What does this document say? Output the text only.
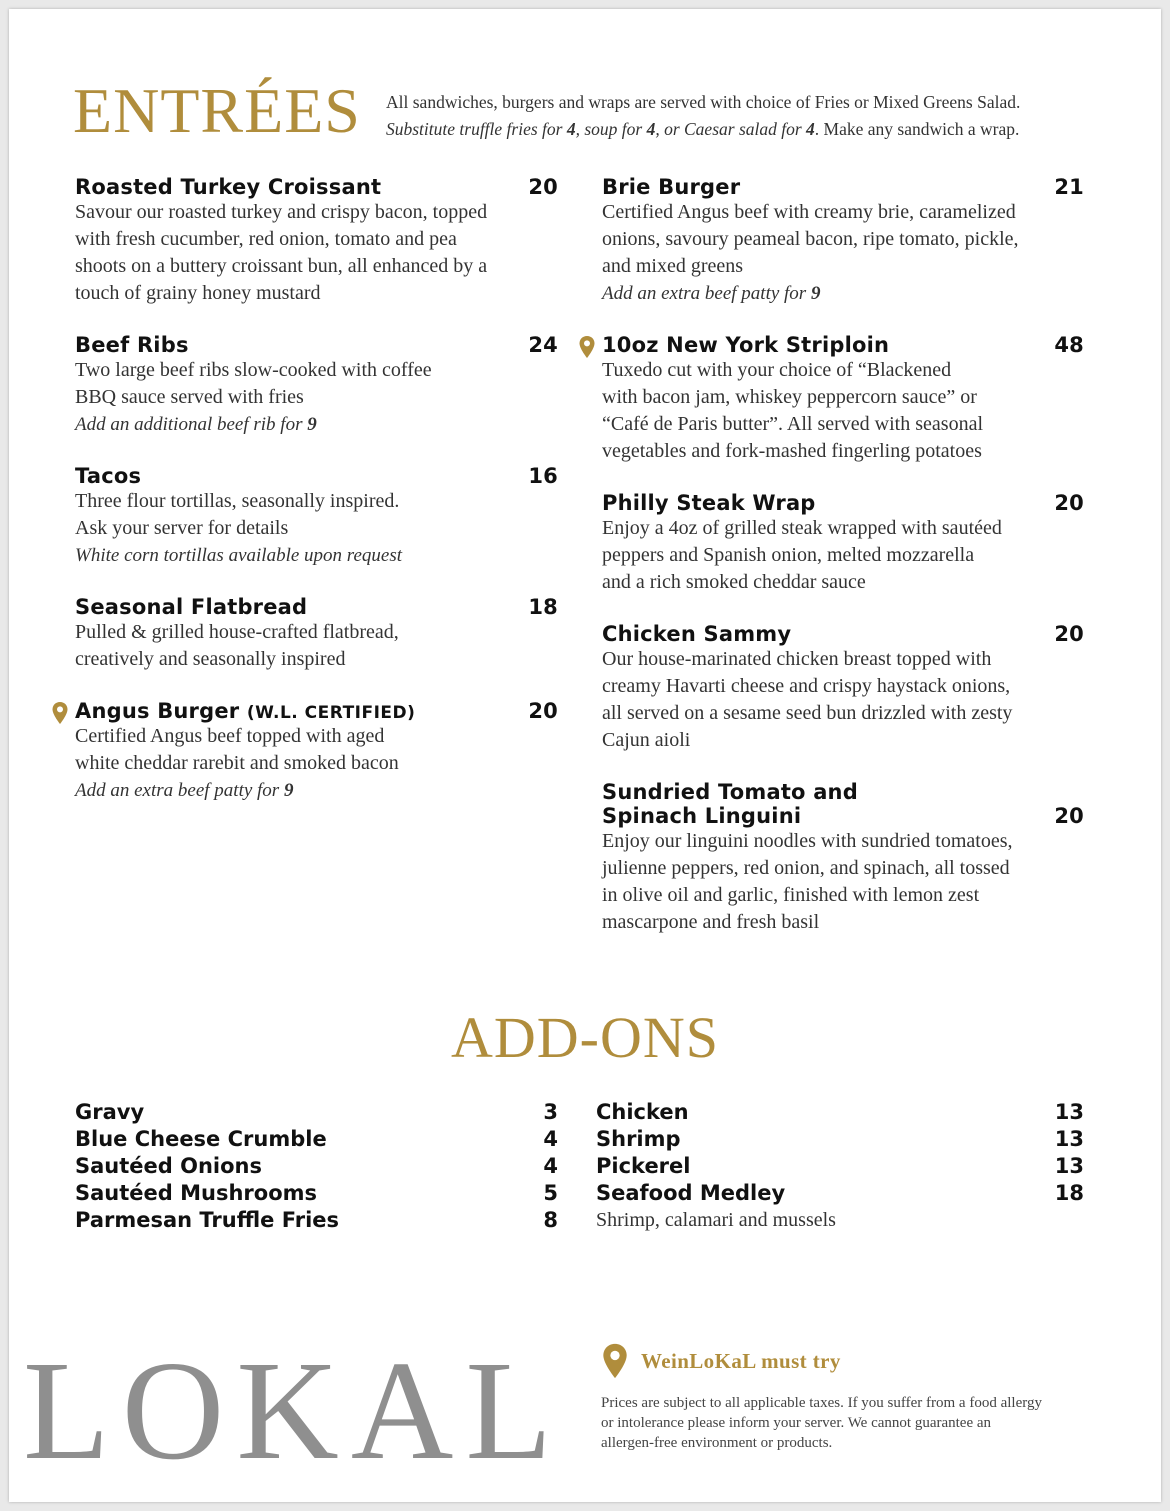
ENTRÉES All sandwiches, burgers and wraps are served with choice of Fries or Mixed Greens Salad.
Substitute truffle fries for 4, soup for 4, or Caesar salad for 4. Make any sandwich a wrap.
Roasted Turkey Croissant	20
Savour our roasted turkey and crispy bacon, topped
with fresh cucumber, red onion, tomato and pea
shoots on a buttery croissant bun, all enhanced by a
touch of grainy honey mustard
Beef Ribs	24
Two large beef ribs slow-cooked with coffee
BBQ sauce served with fries
Add an additional beef rib for 9
Tacos	16
Three flour tortillas, seasonally inspired.
Ask your server for details
White corn tortillas available upon request
Seasonal Flatbread	18
Pulled & grilled house-crafted flatbread,
creatively and seasonally inspired
Angus Burger (W.L. CERTIFIED)	20
Certified Angus beef topped with aged
white cheddar rarebit and smoked bacon
Add an extra beef patty for 9
Brie Burger	21
Certified Angus beef with creamy brie, caramelized
onions, savoury peameal bacon, ripe tomato, pickle,
and mixed greens
Add an extra beef patty for 9
10oz New York Striploin	48
Tuxedo cut with your choice of “Blackened
with bacon jam, whiskey peppercorn sauce” or
“Café de Paris butter”. All served with seasonal
vegetables and fork-mashed fingerling potatoes
Philly Steak Wrap	20
Enjoy a 4oz of grilled steak wrapped with sautéed
peppers and Spanish onion, melted mozzarella
and a rich smoked cheddar sauce
Chicken Sammy	20
Our house-marinated chicken breast topped with
creamy Havarti cheese and crispy haystack onions,
all served on a sesame seed bun drizzled with zesty
Cajun aioli
Sundried Tomato and
Spinach Linguini	20
Enjoy our linguini noodles with sundried tomatoes,
julienne peppers, red onion, and spinach, all tossed
in olive oil and garlic, finished with lemon zest
mascarpone and fresh basil
ADD-ONS
Gravy	3
Blue Cheese Crumble	4
Sautéed Onions	4
Sautéed Mushrooms	5
Parmesan Truffle Fries	8
Chicken	13
Shrimp	13
Pickerel	13
Seafood Medley	18
Shrimp, calamari and mussels
LOKAL	WeinLoKaL must try
Prices are subject to all applicable taxes. If you suffer from a food allergy
or intolerance please inform your server. We cannot guarantee an
allergen-free environment or products.
